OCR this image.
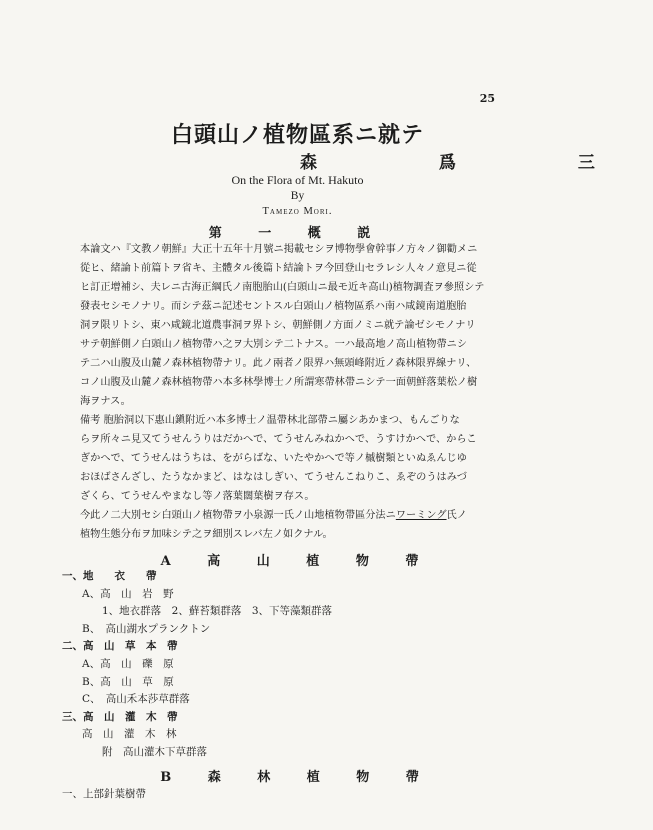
25
白頭山ノ植物區系ニ就テ
森 爲 三
On the Flora of Mt. Hakuto
By
Tamezo Mori.
第 一 概 説
本論文ハ『文教ノ朝鮮』大正十五年十月號ニ掲載セシヲ博物學會幹事ノ方々ノ御勸メニ
從ヒ、緒論ト前篇トヲ省キ、主體タル後篇ト結論トヲ今回登山セラレシ人々ノ意見ニ從
ヒ訂正增補シ、夫レニ古海正綱氏ノ南胞胎山(白頭山ニ最モ近キ高山)植物調査ヲ參照シテ
發表セシモノナリ。而シテ茲ニ記述セントスル白頭山ノ植物區系ハ南ハ咸鏡南道胞胎
洞ヲ限リトシ、東ハ咸鏡北道農事洞ヲ界トシ、朝鮮側ノ方面ノミニ就テ論ゼシモノナリ
サテ朝鮮側ノ白頭山ノ植物帶ハ之ヲ大別シテ二トナス。一ハ最高地ノ高山植物帶ニシ
テ二ハ山腹及山麓ノ森林植物帶ナリ。此ノ兩者ノ限界ハ無頭峰附近ノ森林限界線ナリ、
コノ山腹及山麓ノ森林植物帶ハ本多林學博士ノ所謂寒帶林帶ニシテ一面朝鮮落葉松ノ樹
海ヲナス。
備考 胞胎洞以下惠山鎭附近ハ本多博士ノ温帶林北部帶ニ屬シあかまつ、もんごりな
らヲ所々ニ見又てうせんうりはだかへで、てうせんみねかへで、うすけかへで、からこ
ぎかへで、てうせんはうちは、をがらばな、いたやかへで等ノ槭樹類といぬゑんじゆ
おほばさんざし、たうなかまど、はなはしぎい、てうせんこねりこ、ゑぞのうはみづ
ざくら、てうせんやまなし等ノ落葉闊葉樹ヲ存ス。
今此ノ二大別セシ白頭山ノ植物帶ヲ小泉源一氏ノ山地植物帶區分法ニワーミング氏ノ
植物生態分布ヲ加味シテ之ヲ細別スレバ左ノ如クナル。
A 高 山 植 物 帶
一、地　　衣　　帶
A、高　山　岩　野
1、地衣群落　2、蘚苔類群落　3、下等藻類群落
B、　高山湖水プランクトン
二、高　山　草　本　帶
A、高　山　礫　原
B、高　山　草　原
C、　高山禾本莎草群落
三、高　山　灌　木　帶
高　山　灌　木　林
附　高山灌木下草群落
B 森 林 植 物 帶
一、上部針葉樹帶
